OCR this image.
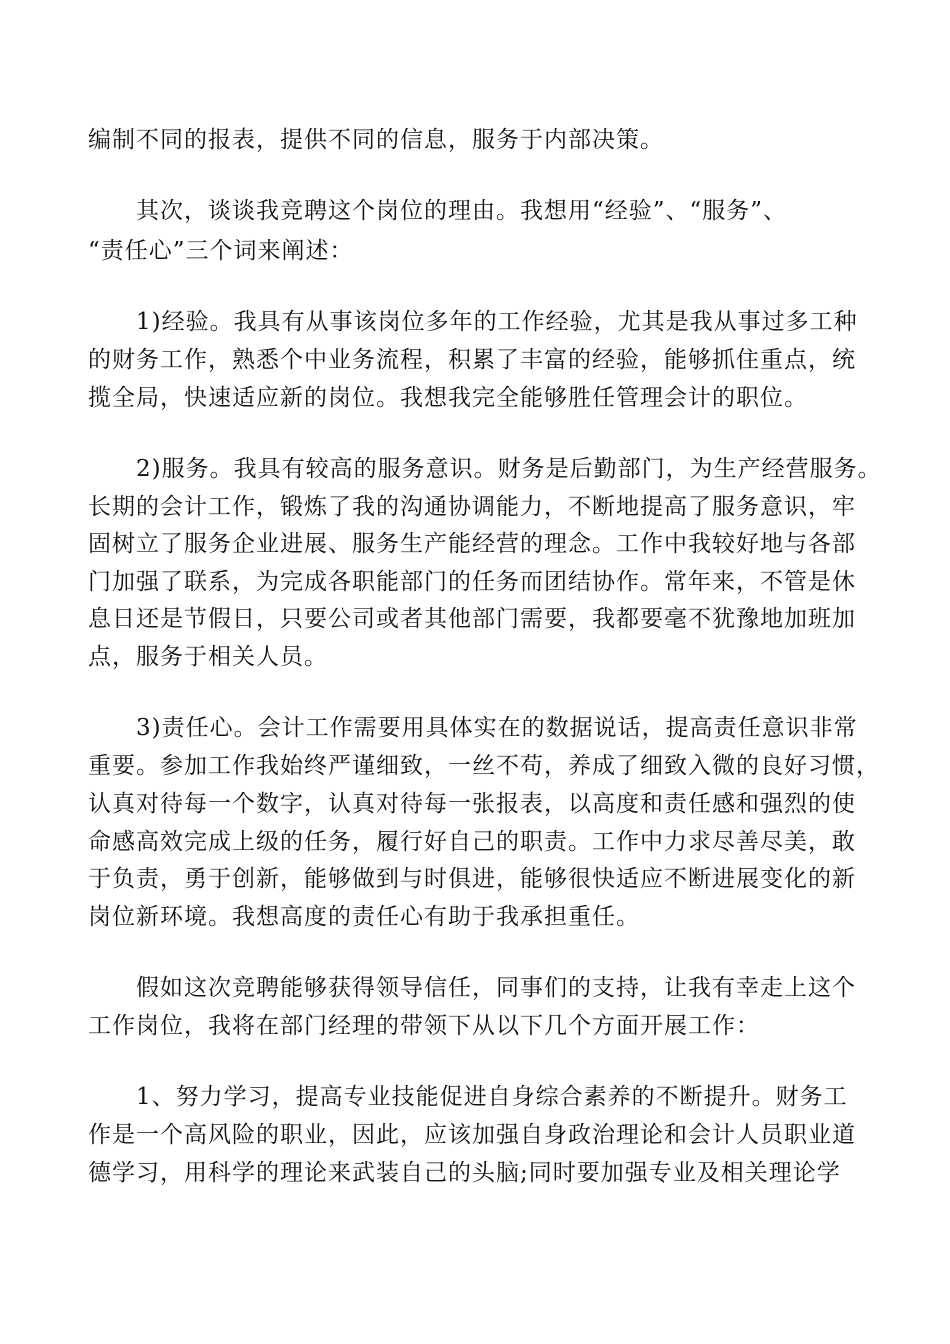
编制不同的报表，提供不同的信息，服务于内部决策。
其次，谈谈我竞聘这个岗位的理由。我想用“经验”、“服务”、
“责任心”三个词来阐述：
1)经验。我具有从事该岗位多年的工作经验，尤其是我从事过多工种
的财务工作，熟悉个中业务流程，积累了丰富的经验，能够抓住重点，统
揽全局，快速适应新的岗位。我想我完全能够胜任管理会计的职位。
2)服务。我具有较高的服务意识。财务是后勤部门，为生产经营服务。
长期的会计工作，锻炼了我的沟通协调能力，不断地提高了服务意识，牢
固树立了服务企业进展、服务生产能经营的理念。工作中我较好地与各部
门加强了联系，为完成各职能部门的任务而团结协作。常年来，不管是休
息日还是节假日，只要公司或者其他部门需要，我都要毫不犹豫地加班加
点，服务于相关人员。
3)责任心。会计工作需要用具体实在的数据说话，提高责任意识非常
重要。参加工作我始终严谨细致，一丝不苟，养成了细致入微的良好习惯，
认真对待每一个数字，认真对待每一张报表，以高度和责任感和强烈的使
命感高效完成上级的任务，履行好自己的职责。工作中力求尽善尽美，敢
于负责，勇于创新，能够做到与时俱进，能够很快适应不断进展变化的新
岗位新环境。我想高度的责任心有助于我承担重任。
假如这次竞聘能够获得领导信任，同事们的支持，让我有幸走上这个
工作岗位，我将在部门经理的带领下从以下几个方面开展工作：
1、努力学习，提高专业技能促进自身综合素养的不断提升。财务工
作是一个高风险的职业，因此，应该加强自身政治理论和会计人员职业道
德学习，用科学的理论来武装自己的头脑;同时要加强专业及相关理论学
